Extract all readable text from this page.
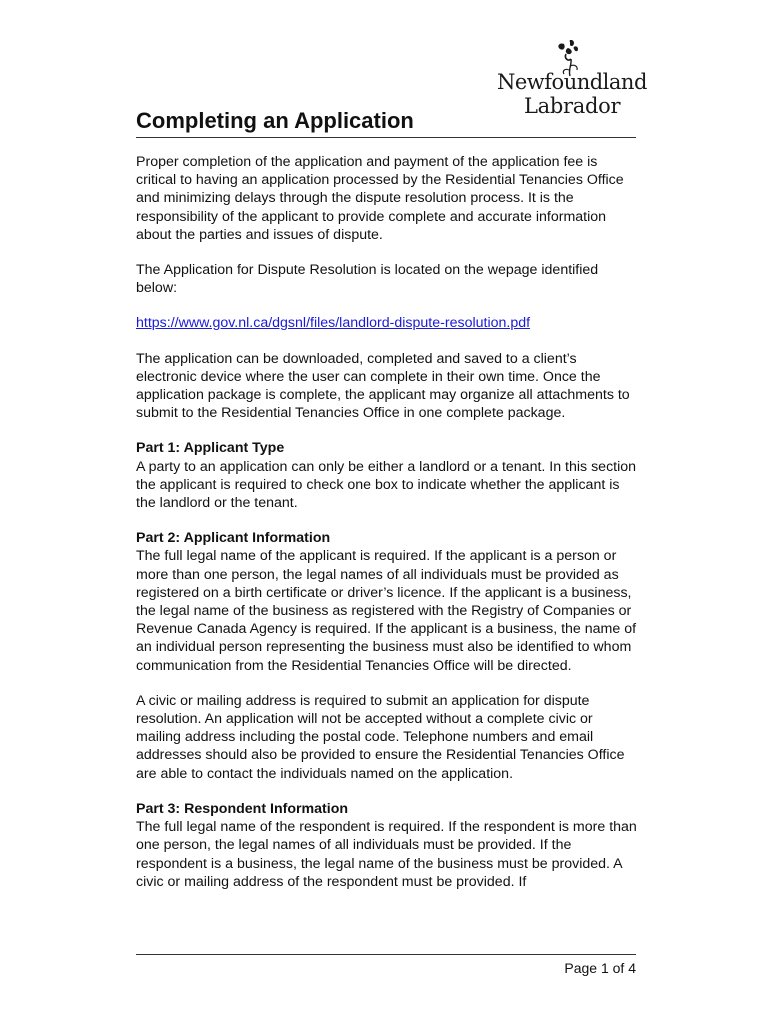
Newfoundland
Labrador
Completing an Application

Proper completion of the application and payment of the application fee is critical to having an application processed by the Residential Tenancies Office and minimizing delays through the dispute resolution process. It is the responsibility of the applicant to provide complete and accurate information about the parties and issues of dispute.

The Application for Dispute Resolution is located on the wepage identified below:

https://www.gov.nl.ca/dgsnl/files/landlord-dispute-resolution.pdf

The application can be downloaded, completed and saved to a client’s electronic device where the user can complete in their own time. Once the application package is complete, the applicant may organize all attachments to submit to the Residential Tenancies Office in one complete package.

Part 1: Applicant Type
A party to an application can only be either a landlord or a tenant. In this section the applicant is required to check one box to indicate whether the applicant is the landlord or the tenant.

Part 2: Applicant Information
The full legal name of the applicant is required. If the applicant is a person or more than one person, the legal names of all individuals must be provided as registered on a birth certificate or driver’s licence. If the applicant is a business, the legal name of the business as registered with the Registry of Companies or Revenue Canada Agency is required. If the applicant is a business, the name of an individual person representing the business must also be identified to whom communication from the Residential Tenancies Office will be directed.

A civic or mailing address is required to submit an application for dispute resolution. An application will not be accepted without a complete civic or mailing address including the postal code. Telephone numbers and email addresses should also be provided to ensure the Residential Tenancies Office are able to contact the individuals named on the application.

Part 3: Respondent Information
The full legal name of the respondent is required. If the respondent is more than one person, the legal names of all individuals must be provided. If the respondent is a business, the legal name of the business must be provided. A civic or mailing address of the respondent must be provided. If

Page 1 of 4
